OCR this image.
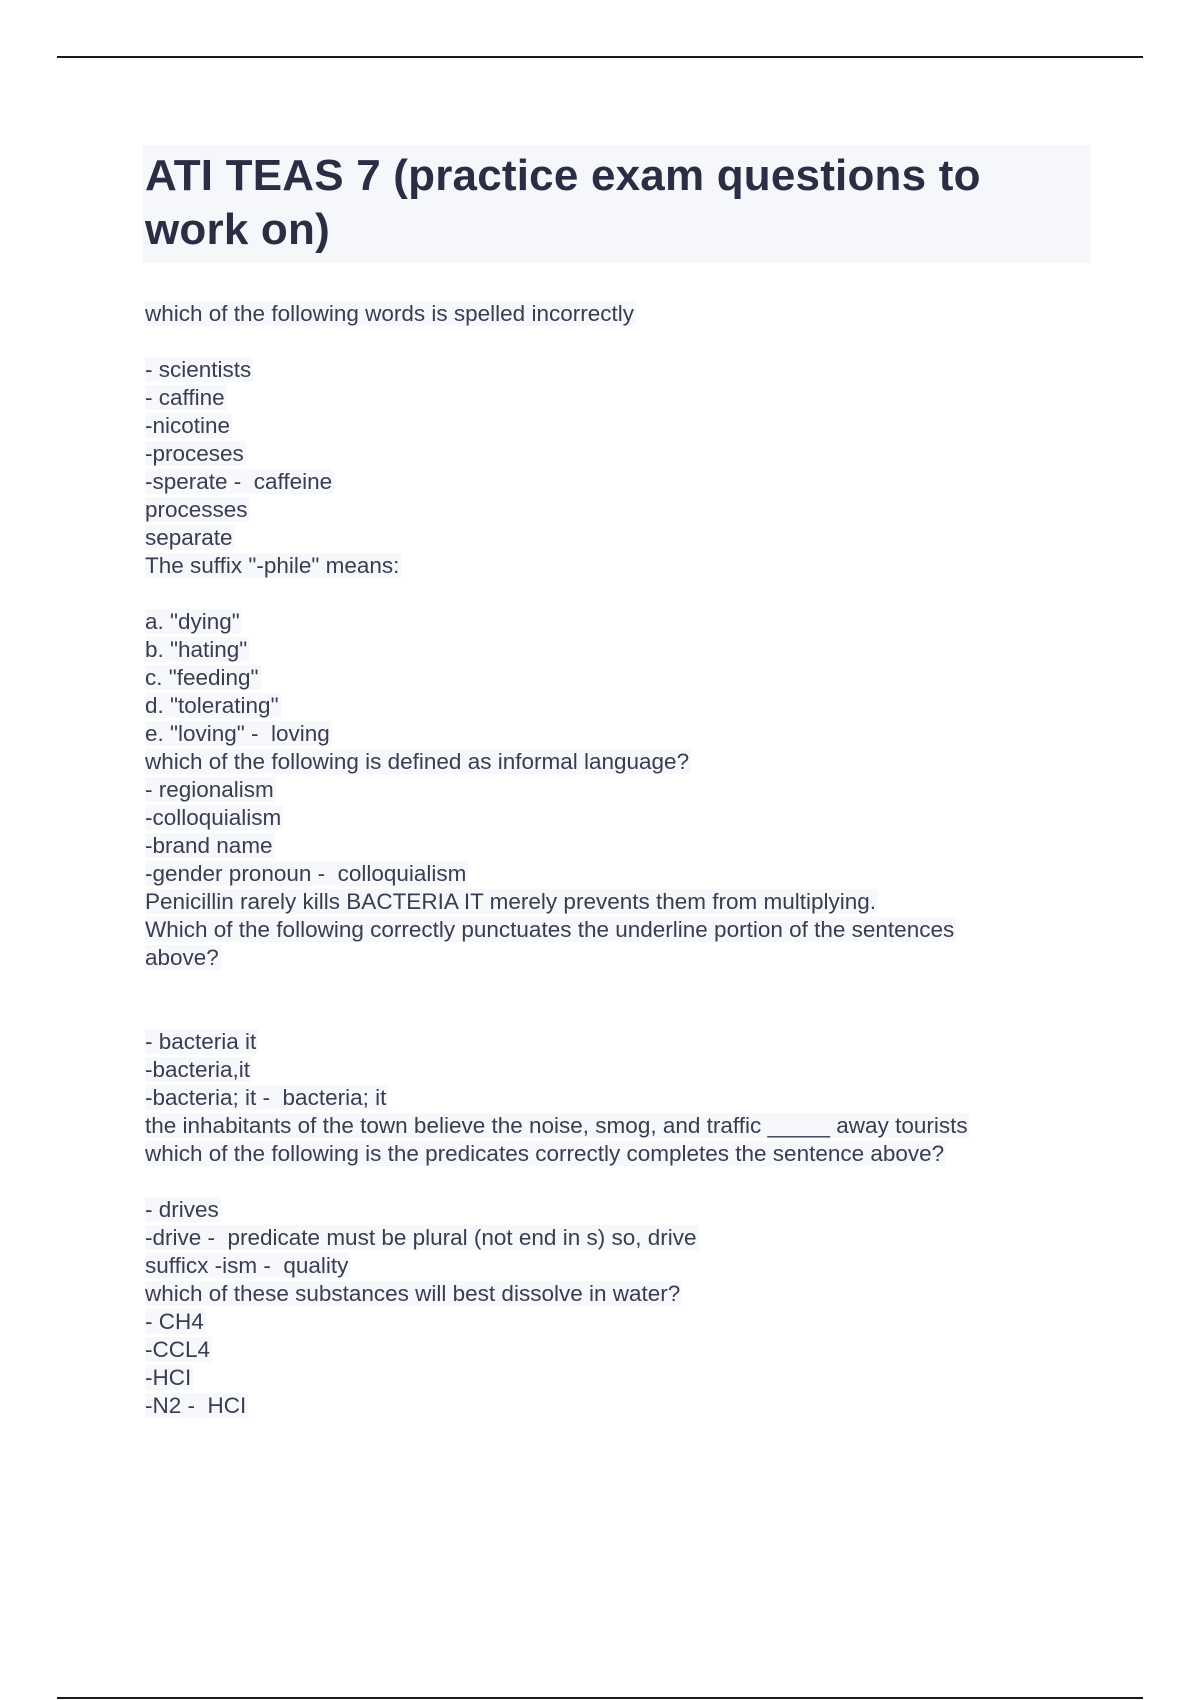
ATI TEAS 7 (practice exam questions to
work on)
which of the following words is spelled incorrectly
- scientists
- caffine
-nicotine
-proceses
-sperate -  caffeine
processes
separate
The suffix "-phile" means:
a. "dying"
b. "hating"
c. "feeding"
d. "tolerating"
e. "loving" -  loving
which of the following is defined as informal language?
- regionalism
-colloquialism
-brand name
-gender pronoun -  colloquialism
Penicillin rarely kills BACTERIA IT merely prevents them from multiplying.
Which of the following correctly punctuates the underline portion of the sentences
above?
- bacteria it
-bacteria,it
-bacteria; it -  bacteria; it
the inhabitants of the town believe the noise, smog, and traffic _____ away tourists
which of the following is the predicates correctly completes the sentence above?
- drives
-drive -  predicate must be plural (not end in s) so, drive
sufficx -ism -  quality
which of these substances will best dissolve in water?
- CH4
-CCL4
-HCI
-N2 -  HCI
